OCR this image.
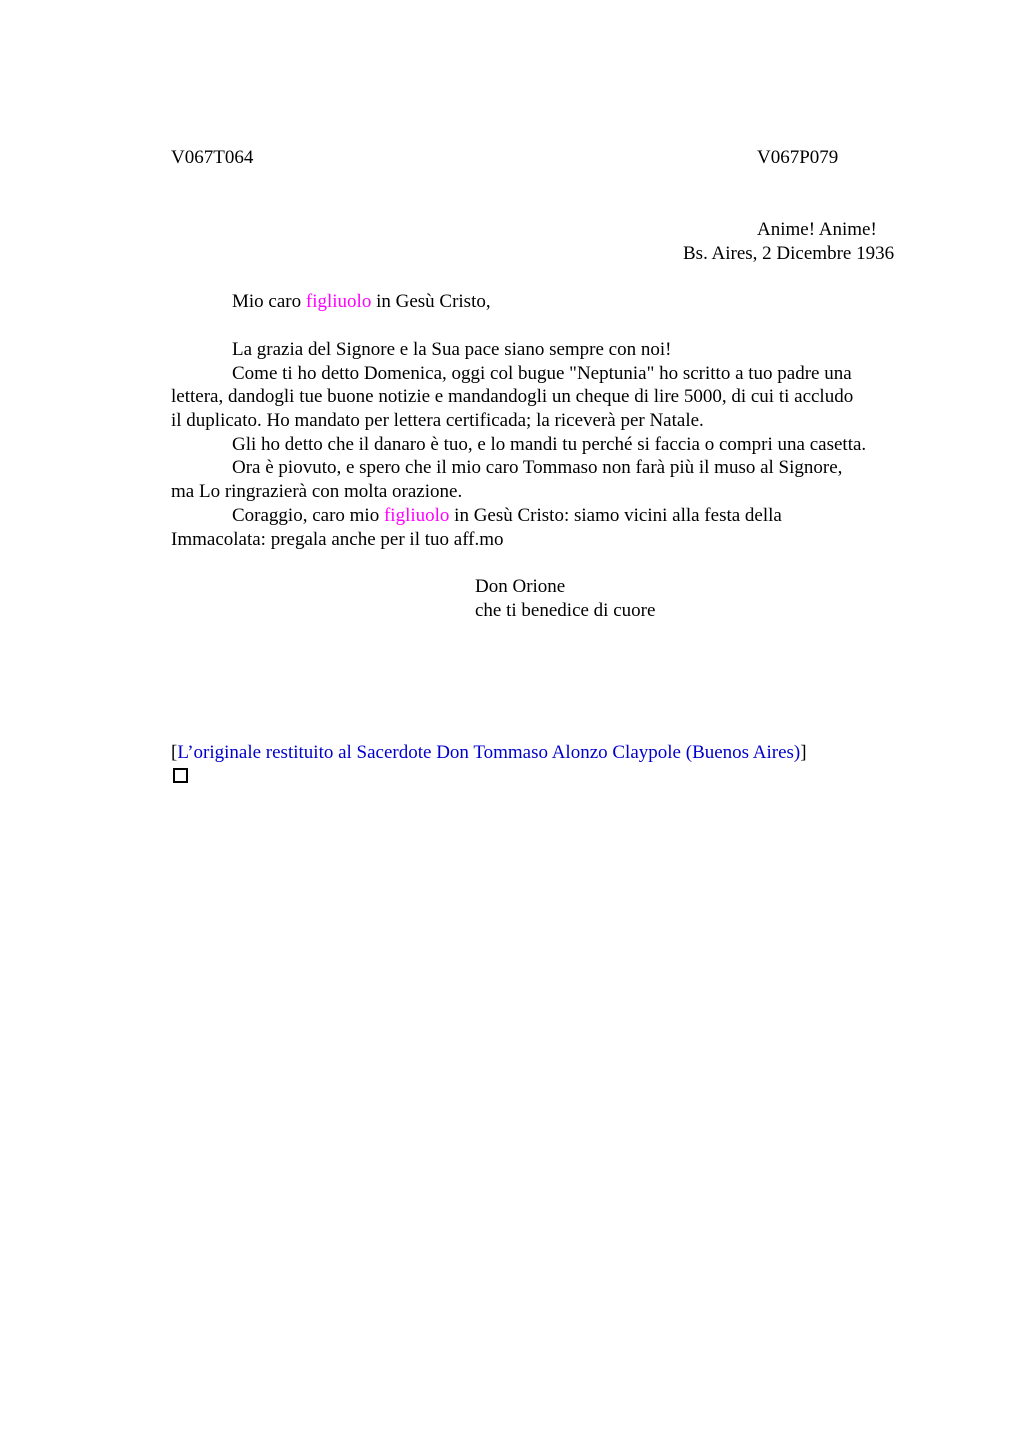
V067T064	V067P079
Anime! Anime!
Bs. Aires, 2 Dicembre 1936
Mio caro figliuolo in Gesù Cristo,
La grazia del Signore e la Sua pace siano sempre con noi!
Come ti ho detto Domenica, oggi col bugue "Neptunia" ho scritto a tuo padre una
lettera, dandogli tue buone notizie e mandandogli un cheque di lire 5000, di cui ti accludo
il duplicato. Ho mandato per lettera certificada; la riceverà per Natale.
Gli ho detto che il danaro è tuo, e lo mandi tu perché si faccia o compri una casetta.
Ora è piovuto, e spero che il mio caro Tommaso non farà più il muso al Signore,
ma Lo ringrazierà con molta orazione.
Coraggio, caro mio figliuolo in Gesù Cristo: siamo vicini alla festa della
Immacolata: pregala anche per il tuo aff.mo
Don Orione
che ti benedice di cuore
[L’originale restituito al Sacerdote Don Tommaso Alonzo Claypole (Buenos Aires)]
